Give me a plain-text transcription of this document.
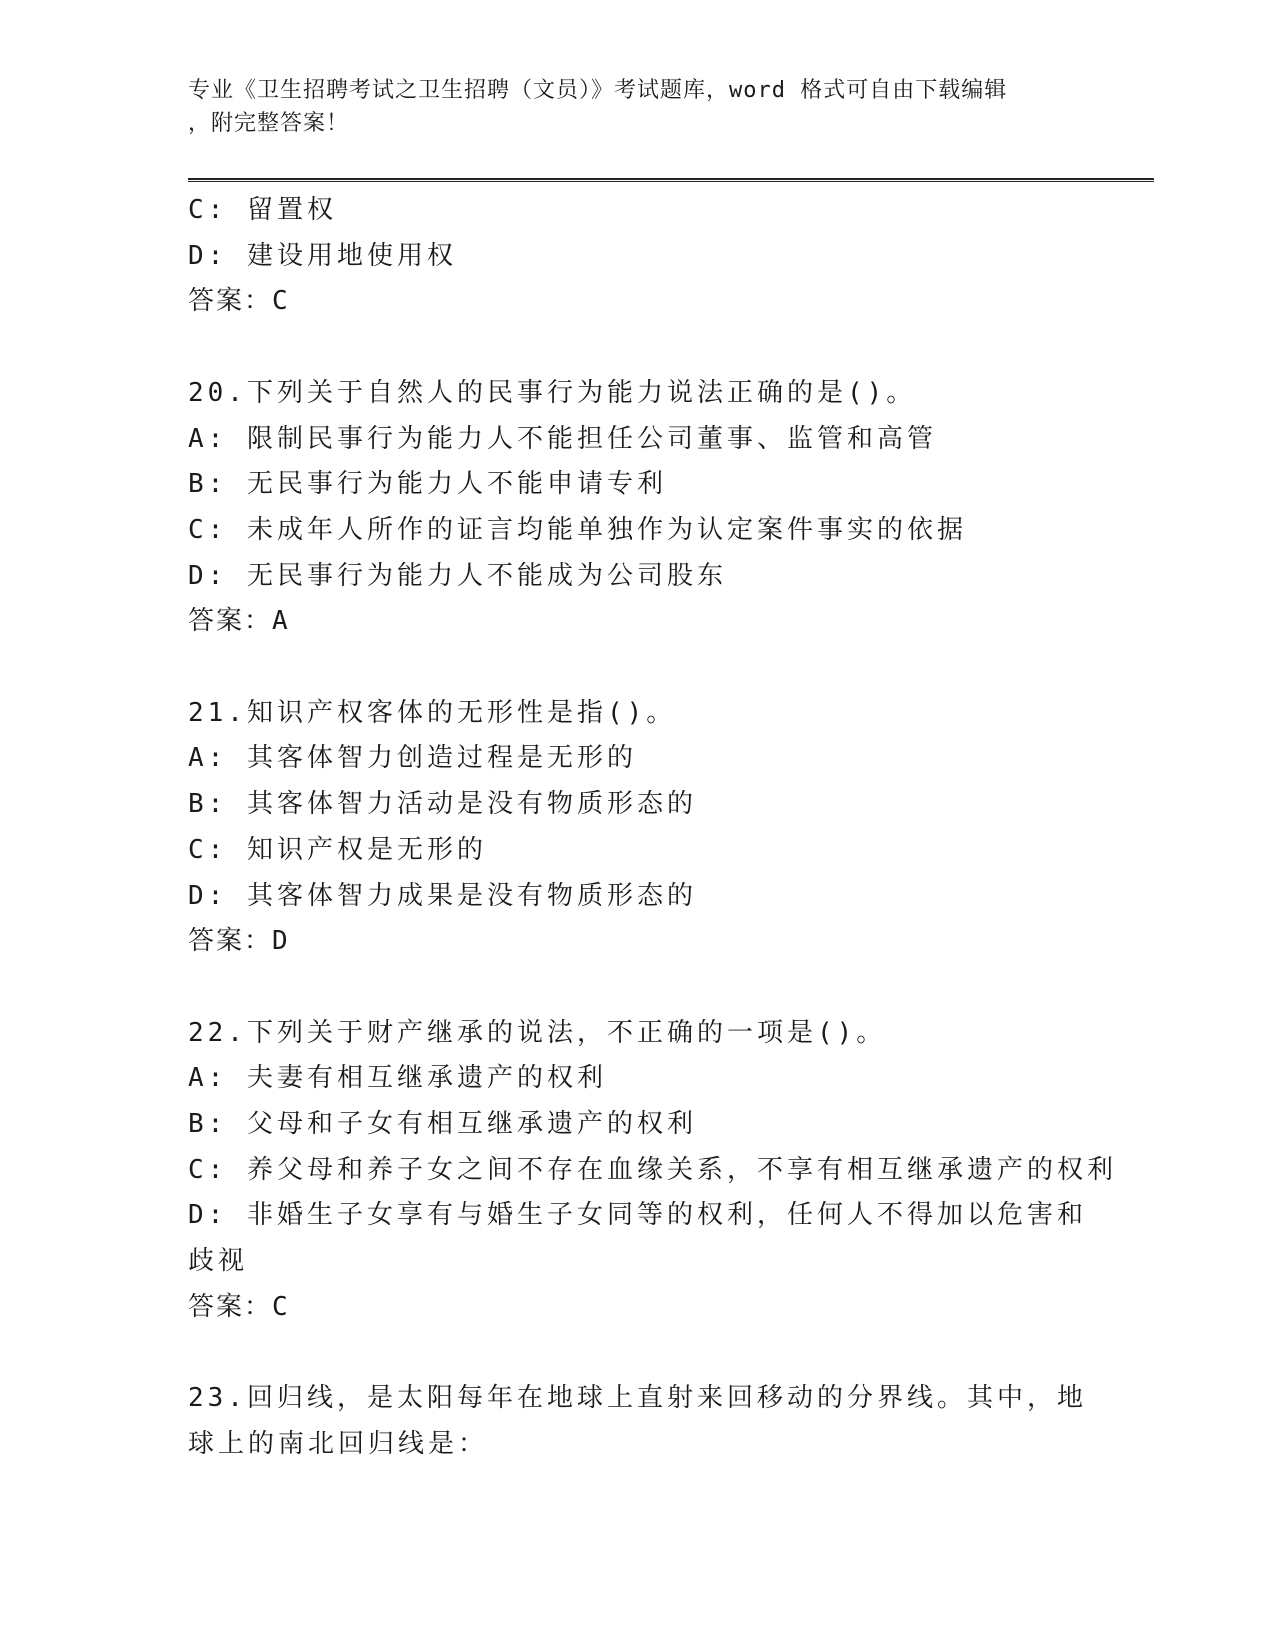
专业《卫生招聘考试之卫生招聘（文员）》考试题库，word 格式可自由下载编辑
，附完整答案！
C: 留置权
D: 建设用地使用权
答案：C
20.下列关于自然人的民事行为能力说法正确的是()。
A: 限制民事行为能力人不能担任公司董事、监管和高管
B: 无民事行为能力人不能申请专利
C: 未成年人所作的证言均能单独作为认定案件事实的依据
D: 无民事行为能力人不能成为公司股东
答案：A
21.知识产权客体的无形性是指()。
A: 其客体智力创造过程是无形的
B: 其客体智力活动是没有物质形态的
C: 知识产权是无形的
D: 其客体智力成果是没有物质形态的
答案：D
22.下列关于财产继承的说法，不正确的一项是()。
A: 夫妻有相互继承遗产的权利
B: 父母和子女有相互继承遗产的权利
C: 养父母和养子女之间不存在血缘关系，不享有相互继承遗产的权利
D: 非婚生子女享有与婚生子女同等的权利，任何人不得加以危害和歧视
答案：C
23.回归线，是太阳每年在地球上直射来回移动的分界线。其中，地球上的南北回归线是：
